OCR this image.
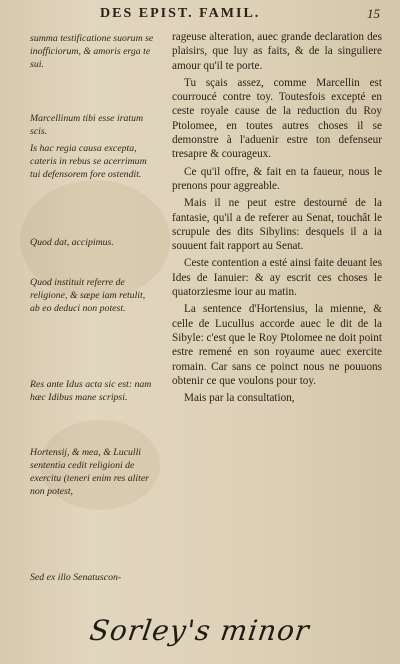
DES EPIST. FAMIL.	15
summa testificatione suorum se inofficiorum, & amoris erga te sui.
Marcellinum tibi esse iratum scis.
Is hac regia causa excepta, cateris in rebus se acerrimum tui defensorem fore ostendit.
Quod dat, accipimus.
Quod instituit referre de religione, & sæpe iam retulit, ab eo deduci non potest.
Res ante Idus acta sic est: nam hæc Idibus mane scripsi.
Hortensij, & mea, & Luculli sententia cedit religioni de exercitu (teneri enim res aliter non potest,
Sed ex illo Senatuscon-

rageuse alteration, auec grande declaration des plaisirs, que luy as faits, & de la singuliere amour qu'il te porte.

Tu sçais assez, comme Marcellin est courroucé contre toy. Toutesfois excepté en ceste royale cause de la reduction du Roy Ptolomee, en toutes autres choses il se demonstre à l'aduenir estre ton defenseur tresapre & courageux.

Ce qu'il offre, & fait en ta faueur, nous le prenons pour aggreable.

Mais il ne peut estre destourné de la fantasie, qu'il a de referer au Senat, touchât le scrupule des dits Sibylins: desquels il a ia souuent fait rapport au Senat.

Ceste contention a esté ainsi faite deuant les Ides de Ianuier: & ay escrit ces choses le quatorziesme iour au matin.

La sentence d'Hortensius, la mienne, & celle de Lucullus accorde auec le dit de la Sibyle: c'est que le Roy Ptolomee ne doit point estre remené en son royaume auec exercite romain. Car sans ce poinct nous ne pouuons obtenir ce que voulons pour toy.

Mais par la consultation,

Sorley's minor
